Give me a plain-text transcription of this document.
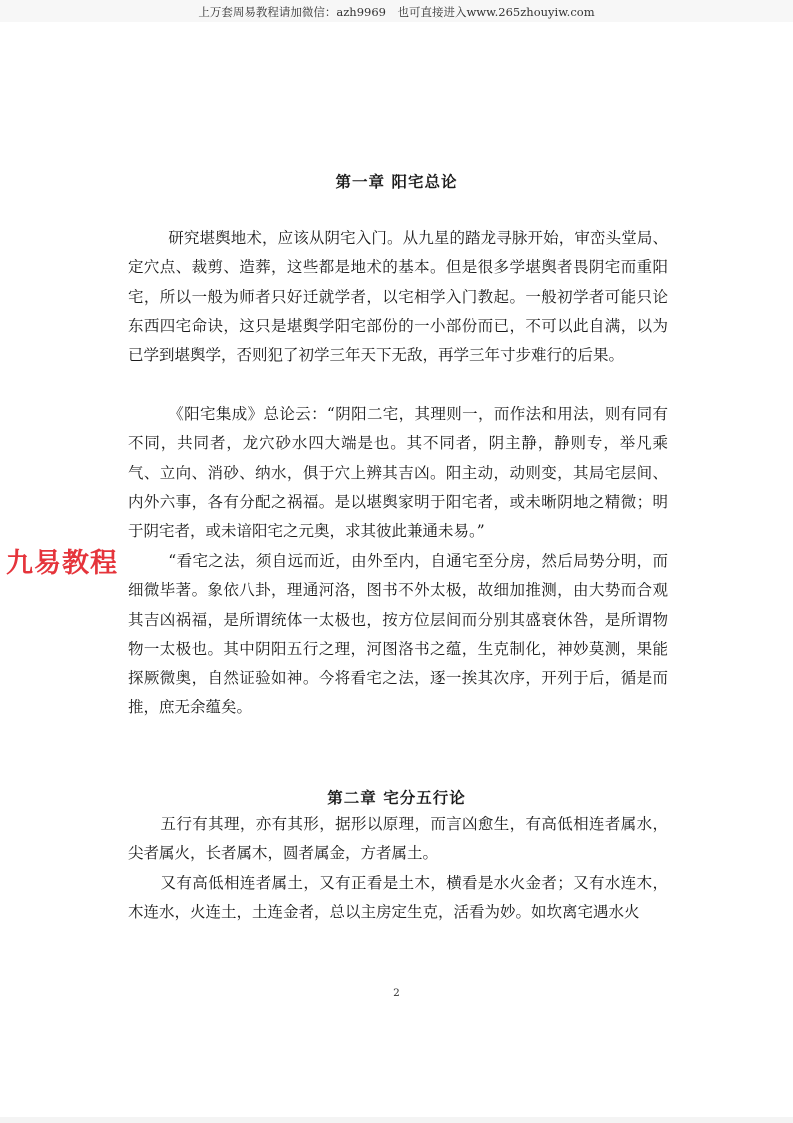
上万套周易教程请加微信：azh9969　也可直接进入www.265zhouyiw.com
第一章 阳宅总论
研究堪舆地术，应该从阴宅入门。从九星的踏龙寻脉开始，审峦头堂局、定穴点、裁剪、造葬，这些都是地术的基本。但是很多学堪舆者畏阴宅而重阳宅，所以一般为师者只好迁就学者，以宅相学入门教起。一般初学者可能只论东西四宅命诀，这只是堪舆学阳宅部份的一小部份而已，不可以此自满，以为已学到堪舆学，否则犯了初学三年天下无敌，再学三年寸步难行的后果。
《阳宅集成》总论云：“阴阳二宅，其理则一，而作法和用法，则有同有不同，共同者，龙穴砂水四大端是也。其不同者，阴主静，静则专，举凡乘气、立向、消砂、纳水，俱于穴上辨其吉凶。阳主动，动则变，其局宅层间、内外六事，各有分配之祸福。是以堪舆家明于阳宅者，或未晰阴地之精微；明于阴宅者，或未谙阳宅之元奥，求其彼此兼通未易。”
“看宅之法，须自远而近，由外至内，自通宅至分房，然后局势分明，而细微毕著。象依八卦，理通河洛，图书不外太极，故细加推测，由大势而合观其吉凶祸福，是所谓统体一太极也，按方位层间而分别其盛衰休咎，是所谓物物一太极也。其中阴阳五行之理，河图洛书之蕴，生克制化，神妙莫测，果能探厥微奥，自然证验如神。今将看宅之法，逐一挨其次序，开列于后，循是而推，庶无余蕴矣。
九易教程
第二章 宅分五行论
五行有其理，亦有其形，据形以原理，而言凶愈生，有高低相连者属水，尖者属火，长者属木，圆者属金，方者属土。
又有高低相连者属土，又有正看是土木，横看是水火金者；又有水连木，木连水，火连土，土连金者，总以主房定生克，活看为妙。如坎离宅遇水火
2
